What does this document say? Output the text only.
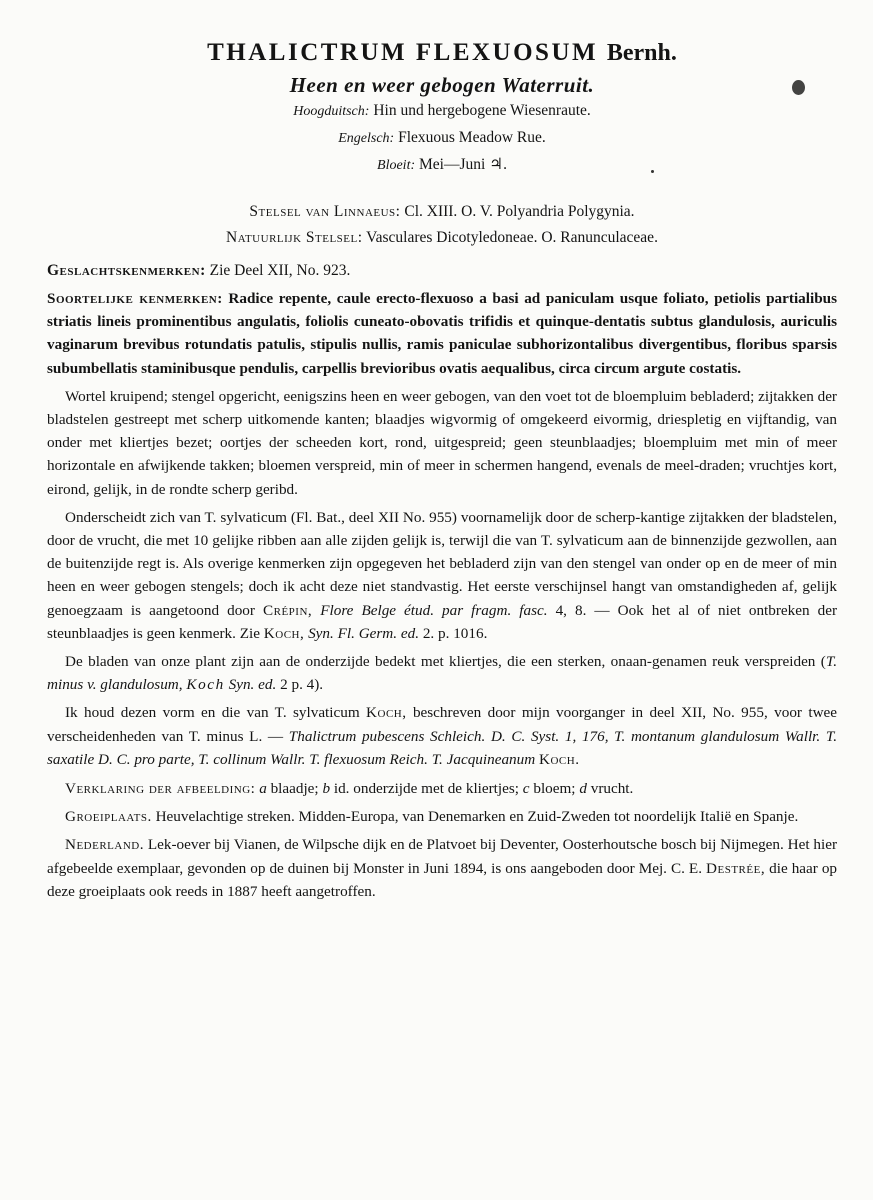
THALICTRUM FLEXUOSUM Bernh.
Heen en weer gebogen Waterruit.
Hoogduitsch: Hin und hergebogene Wiesenraute.
Engelsch: Flexuous Meadow Rue.
Bloeit: Mei—Juni ♃.
Stelsel van Linnaeus: Cl. XIII. O. V. Polyandria Polygynia.
Natuurlijk Stelsel: Vasculares Dicotyledoneae. O. Ranunculaceae.
Geslachtskenmerken: Zie Deel XII, No. 923.

Soortelijke kenmerken: Radice repente, caule erecto-flexuoso a basi ad paniculam usque foliato, petiolis partialibus striatis lineis prominentibus angulatis, foliolis cuneato-obovatis trifidis et quinque-dentatis subtus glandulosis, auriculis vaginarum brevibus rotundatis patulis, stipulis nullis, ramis paniculae subhorizontalibus divergentibus, floribus sparsis subumbellatis staminibusque pendulis, carpellis brevioribus ovatis aequalibus, circa circum argute costatis.

Wortel kruipend; stengel opgericht, eenigszins heen en weer gebogen, van den voet tot de bloempluim bebladerd; zijtakken der bladstelen gestreept met scherp uitkomende kanten; blaadjes wigvormig of omgekeerd eivormig, driespletig en vijftandig, van onder met kliertjes bezet; oortjes der scheeden kort, rond, uitgespreid; geen steunblaadjes; bloempluim met min of meer horizontale en afwijkende takken; bloemen verspreid, min of meer in schermen hangend, evenals de meel-draden; vruchtjes kort, eirond, gelijk, in de rondte scherp geribd.

Onderscheidt zich van T. sylvaticum (Fl. Bat., deel XII No. 955) voornamelijk door de scherp-kantige zijtakken der bladstelen, door de vrucht, die met 10 gelijke ribben aan alle zijden gelijk is, terwijl die van T. sylvaticum aan de binnenzijde gezwollen, aan de buitenzijde regt is. Als overige kenmerken zijn opgegeven het bebladerd zijn van den stengel van onder op en de meer of min heen en weer gebogen stengels; doch ik acht deze niet standvastig. Het eerste verschijnsel hangt van omstandigheden af, gelijk genoegzaam is aangetoond door Crépin, Flore Belge étud. par fragm. fasc. 4, 8. — Ook het al of niet ontbreken der steunblaadjes is geen kenmerk. Zie Koch, Syn. Fl. Germ. ed. 2. p. 1016.

De bladen van onze plant zijn aan de onderzijde bedekt met kliertjes, die een sterken, onaan-genamen reuk verspreiden (T. minus v. glandulosum, Koch Syn. ed. 2 p. 4).

Ik houd dezen vorm en die van T. sylvaticum Koch, beschreven door mijn voorganger in deel XII, No. 955, voor twee verscheidenheden van T. minus L. — Thalictrum pubescens Schleich. D. C. Syst. 1, 176, T. montanum glandulosum Wallr. T. saxatile D. C. pro parte, T. collinum Wallr. T. flexuosum Reich. T. Jacquineanum Koch.

Verklaring der afbeelding: a blaadje; b id. onderzijde met de kliertjes; c bloem; d vrucht.

Groeiplaats. Heuvelachtige streken. Midden-Europa, van Denemarken en Zuid-Zweden tot noordelijk Italië en Spanje.

Nederland. Lek-oever bij Vianen, de Wilpsche dijk en de Platvoet bij Deventer, Oosterhoutsche bosch bij Nijmegen. Het hier afgebeelde exemplaar, gevonden op de duinen bij Monster in Juni 1894, is ons aangeboden door Mej. C. E. Destrée, die haar op deze groeiplaats ook reeds in 1887 heeft aangetroffen.
